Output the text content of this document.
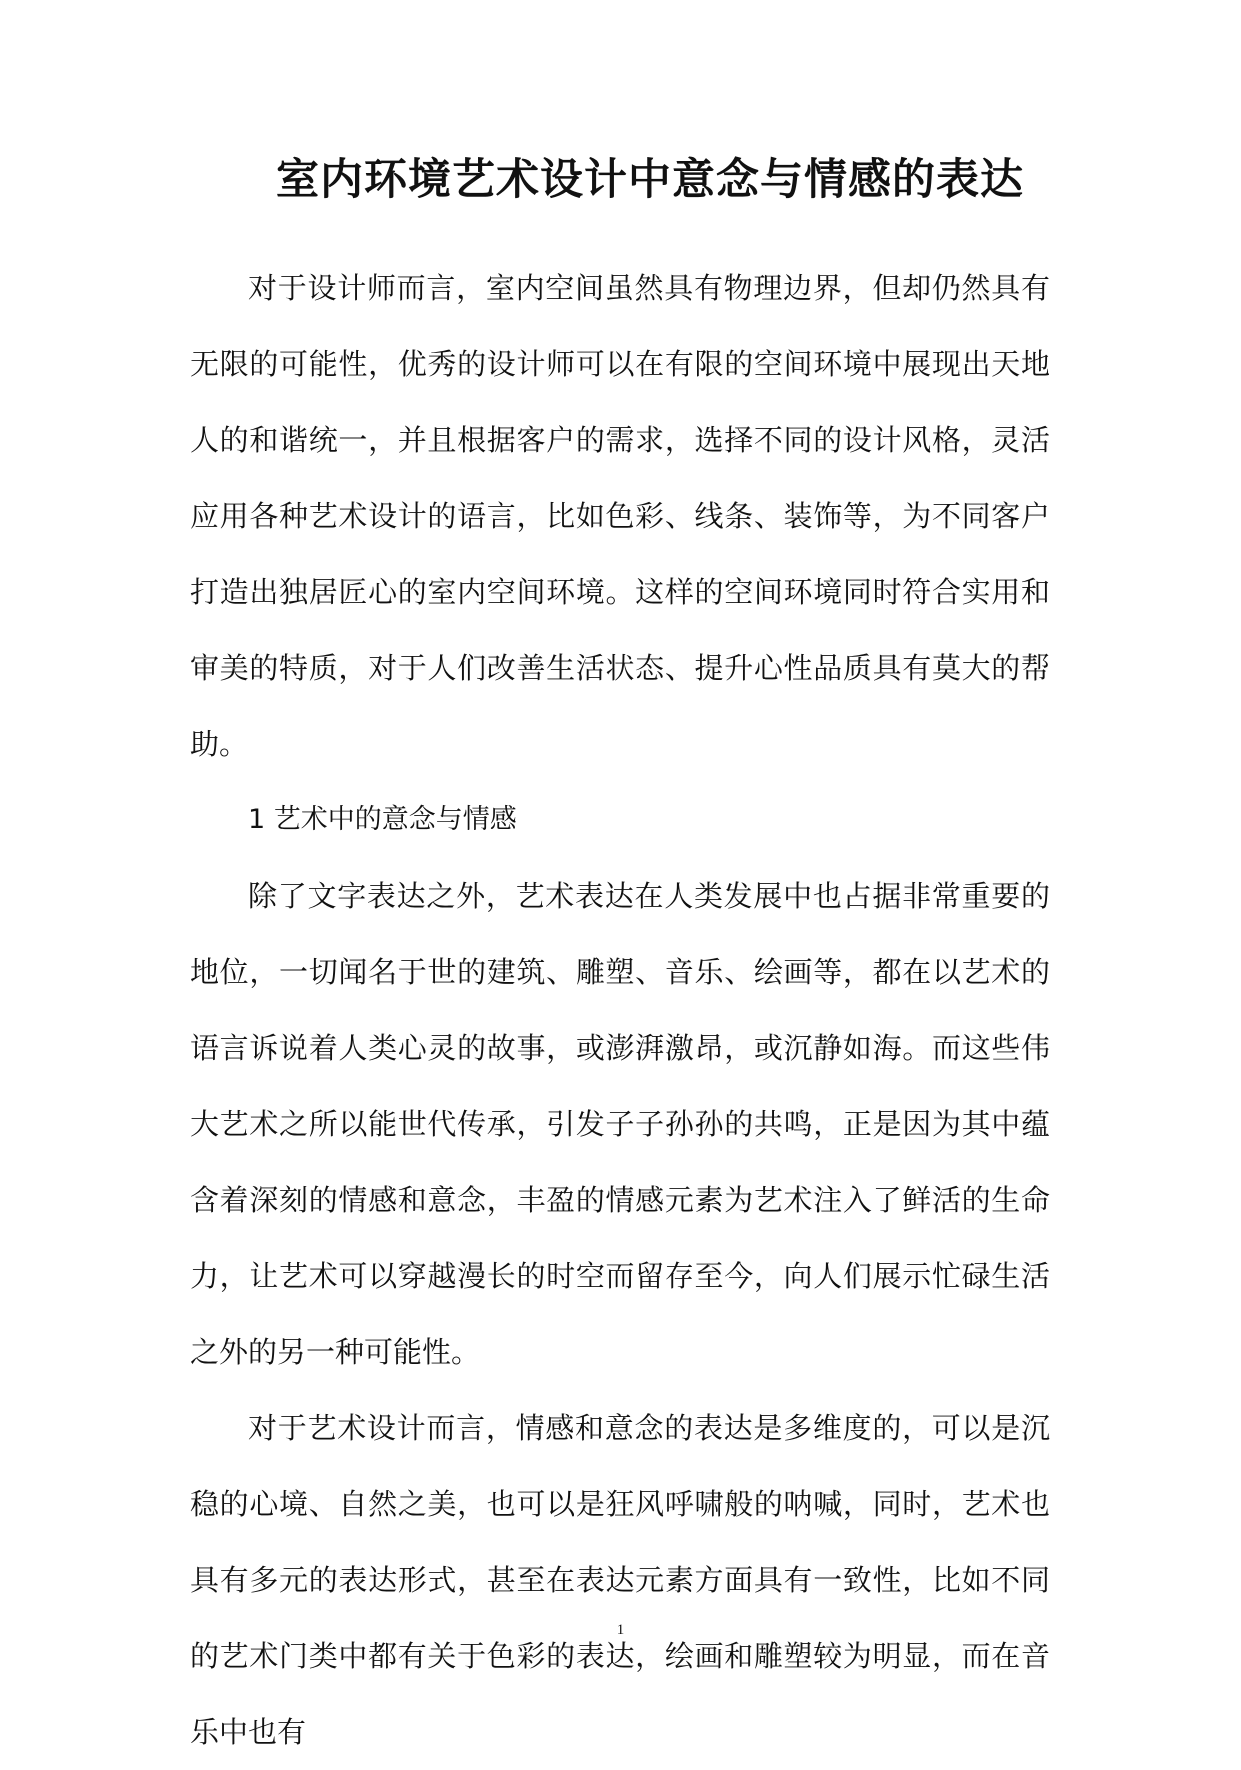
室内环境艺术设计中意念与情感的表达

对于设计师而言，室内空间虽然具有物理边界，但却仍然具有无限的可能性，优秀的设计师可以在有限的空间环境中展现出天地人的和谐统一，并且根据客户的需求，选择不同的设计风格，灵活应用各种艺术设计的语言，比如色彩、线条、装饰等，为不同客户打造出独居匠心的室内空间环境。这样的空间环境同时符合实用和审美的特质，对于人们改善生活状态、提升心性品质具有莫大的帮助。

1 艺术中的意念与情感

除了文字表达之外，艺术表达在人类发展中也占据非常重要的地位，一切闻名于世的建筑、雕塑、音乐、绘画等，都在以艺术的语言诉说着人类心灵的故事，或澎湃激昂，或沉静如海。而这些伟大艺术之所以能世代传承，引发子子孙孙的共鸣，正是因为其中蕴含着深刻的情感和意念，丰盈的情感元素为艺术注入了鲜活的生命力，让艺术可以穿越漫长的时空而留存至今，向人们展示忙碌生活之外的另一种可能性。

对于艺术设计而言，情感和意念的表达是多维度的，可以是沉稳的心境、自然之美，也可以是狂风呼啸般的呐喊，同时，艺术也具有多元的表达形式，甚至在表达元素方面具有一致性，比如不同的艺术门类中都有关于色彩的表达，绘画和雕塑较为明显，而在音乐中也有

1
